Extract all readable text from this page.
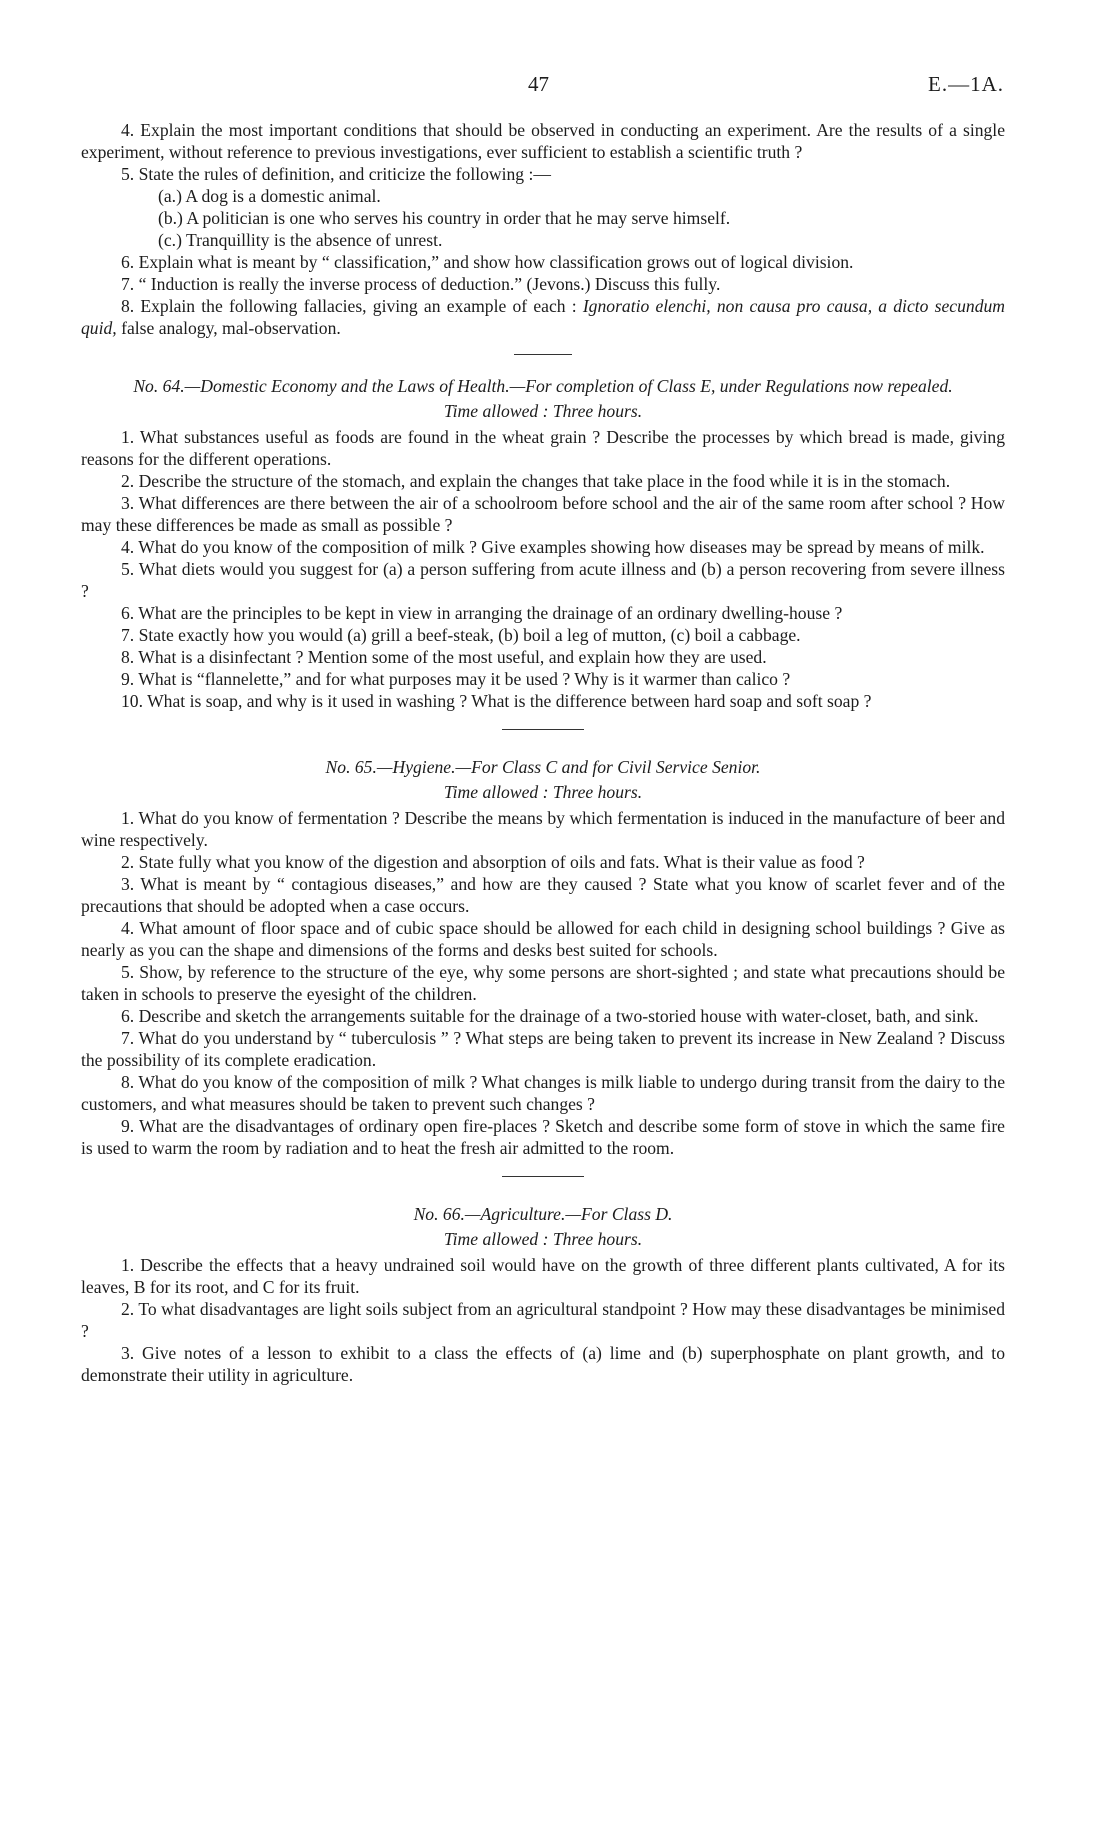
47	E.—1A.

4. Explain the most important conditions that should be observed in conducting an experiment. Are the results of a single experiment, without reference to previous investigations, ever sufficient to establish a scientific truth ?

5. State the rules of definition, and criticize the following :—

(a.) A dog is a domestic animal.

(b.) A politician is one who serves his country in order that he may serve himself.

(c.) Tranquillity is the absence of unrest.

6. Explain what is meant by “ classification,” and show how classification grows out of logical division.

7. “ Induction is really the inverse process of deduction.” (Jevons.) Discuss this fully.

8. Explain the following fallacies, giving an example of each : Ignoratio elenchi, non causa pro causa, a dicto secundum quid, false analogy, mal-observation.

No. 64.—Domestic Economy and the Laws of Health.—For completion of Class E, under Regulations now repealed.

Time allowed : Three hours.

1. What substances useful as foods are found in the wheat grain ? Describe the processes by which bread is made, giving reasons for the different operations.

2. Describe the structure of the stomach, and explain the changes that take place in the food while it is in the stomach.

3. What differences are there between the air of a schoolroom before school and the air of the same room after school ? How may these differences be made as small as possible ?

4. What do you know of the composition of milk ? Give examples showing how diseases may be spread by means of milk.

5. What diets would you suggest for (a) a person suffering from acute illness and (b) a person recovering from severe illness ?

6. What are the principles to be kept in view in arranging the drainage of an ordinary dwelling-house ?

7. State exactly how you would (a) grill a beef-steak, (b) boil a leg of mutton, (c) boil a cabbage.

8. What is a disinfectant ? Mention some of the most useful, and explain how they are used.

9. What is “flannelette,” and for what purposes may it be used ? Why is it warmer than calico ?

10. What is soap, and why is it used in washing ? What is the difference between hard soap and soft soap ?

No. 65.—Hygiene.—For Class C and for Civil Service Senior.

Time allowed : Three hours.

1. What do you know of fermentation ? Describe the means by which fermentation is induced in the manufacture of beer and wine respectively.

2. State fully what you know of the digestion and absorption of oils and fats. What is their value as food ?

3. What is meant by “ contagious diseases,” and how are they caused ? State what you know of scarlet fever and of the precautions that should be adopted when a case occurs.

4. What amount of floor space and of cubic space should be allowed for each child in designing school buildings ? Give as nearly as you can the shape and dimensions of the forms and desks best suited for schools.

5. Show, by reference to the structure of the eye, why some persons are short-sighted ; and state what precautions should be taken in schools to preserve the eyesight of the children.

6. Describe and sketch the arrangements suitable for the drainage of a two-storied house with water-closet, bath, and sink.

7. What do you understand by “ tuberculosis ” ? What steps are being taken to prevent its increase in New Zealand ? Discuss the possibility of its complete eradication.

8. What do you know of the composition of milk ? What changes is milk liable to undergo during transit from the dairy to the customers, and what measures should be taken to prevent such changes ?

9. What are the disadvantages of ordinary open fire-places ? Sketch and describe some form of stove in which the same fire is used to warm the room by radiation and to heat the fresh air admitted to the room.

No. 66.—Agriculture.—For Class D.

Time allowed : Three hours.

1. Describe the effects that a heavy undrained soil would have on the growth of three different plants cultivated, A for its leaves, B for its root, and C for its fruit.

2. To what disadvantages are light soils subject from an agricultural standpoint ? How may these disadvantages be minimised ?

3. Give notes of a lesson to exhibit to a class the effects of (a) lime and (b) superphosphate on plant growth, and to demonstrate their utility in agriculture.
